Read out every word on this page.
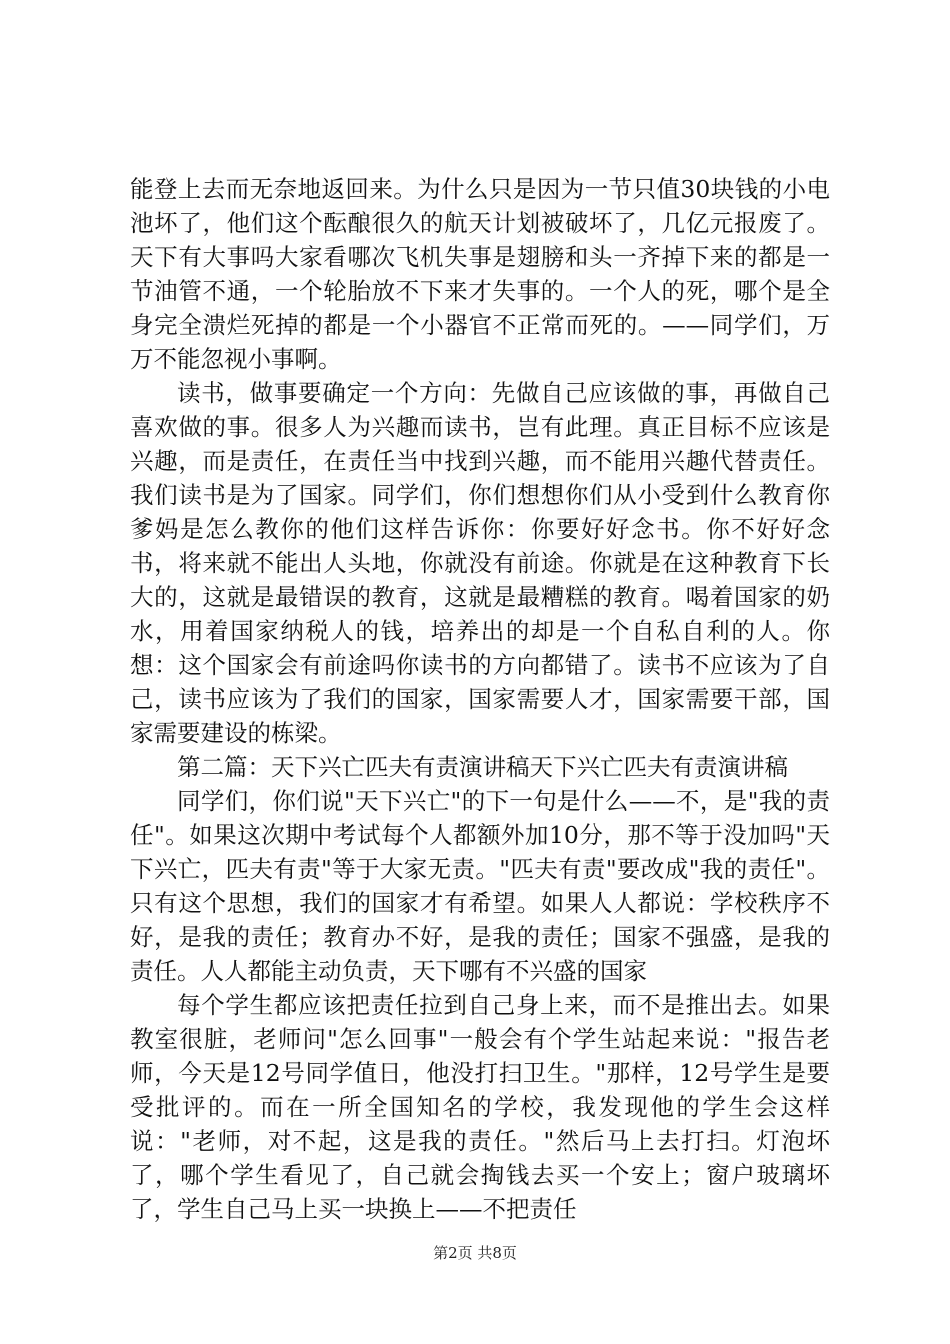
能登上去而无奈地返回来。为什么只是因为一节只值30块钱的小电池坏了，他们这个酝酿很久的航天计划被破坏了，几亿元报废了。天下有大事吗大家看哪次飞机失事是翅膀和头一齐掉下来的都是一节油管不通，一个轮胎放不下来才失事的。一个人的死，哪个是全身完全溃烂死掉的都是一个小器官不正常而死的。——同学们，万万不能忽视小事啊。

读书，做事要确定一个方向：先做自己应该做的事，再做自己喜欢做的事。很多人为兴趣而读书，岂有此理。真正目标不应该是兴趣，而是责任，在责任当中找到兴趣，而不能用兴趣代替责任。我们读书是为了国家。同学们，你们想想你们从小受到什么教育你爹妈是怎么教你的他们这样告诉你：你要好好念书。你不好好念书，将来就不能出人头地，你就没有前途。你就是在这种教育下长大的，这就是最错误的教育，这就是最糟糕的教育。喝着国家的奶水，用着国家纳税人的钱，培养出的却是一个自私自利的人。你想：这个国家会有前途吗你读书的方向都错了。读书不应该为了自己，读书应该为了我们的国家，国家需要人才，国家需要干部，国家需要建设的栋梁。

第二篇：天下兴亡匹夫有责演讲稿天下兴亡匹夫有责演讲稿

同学们，你们说"天下兴亡"的下一句是什么——不，是"我的责任"。如果这次期中考试每个人都额外加10分，那不等于没加吗"天下兴亡，匹夫有责"等于大家无责。"匹夫有责"要改成"我的责任"。只有这个思想，我们的国家才有希望。如果人人都说：学校秩序不好，是我的责任；教育办不好，是我的责任；国家不强盛，是我的责任。人人都能主动负责，天下哪有不兴盛的国家

每个学生都应该把责任拉到自己身上来，而不是推出去。如果教室很脏，老师问"怎么回事"一般会有个学生站起来说："报告老师，今天是12号同学值日，他没打扫卫生。"那样，12号学生是要受批评的。而在一所全国知名的学校，我发现他的学生会这样说："老师，对不起，这是我的责任。"然后马上去打扫。灯泡坏了，哪个学生看见了，自己就会掏钱去买一个安上；窗户玻璃坏了，学生自己马上买一块换上——不把责任

第2页 共8页
